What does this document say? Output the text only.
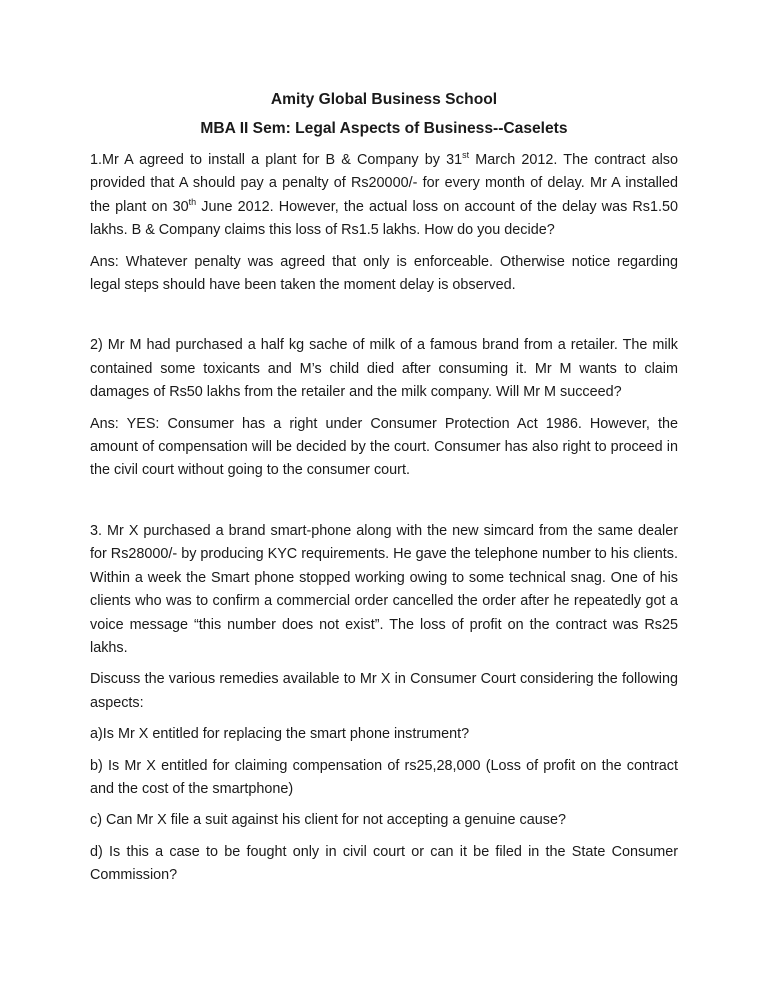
Amity Global Business School
MBA II Sem: Legal Aspects of Business--Caselets

1.Mr A agreed to install a plant for B & Company by 31st March 2012. The contract also provided that A should pay a penalty of Rs20000/- for every month of delay. Mr A installed the plant on 30th June 2012. However, the actual loss on account of the delay was Rs1.50 lakhs. B & Company claims this loss of Rs1.5 lakhs. How do you decide?

Ans: Whatever penalty was agreed that only is enforceable. Otherwise notice regarding legal steps should have been taken the moment delay is observed.

2) Mr M had purchased a half kg sache of milk of a famous brand from a retailer. The milk contained some toxicants and M’s child died after consuming it. Mr M wants to claim damages of Rs50 lakhs from the retailer and the milk company. Will Mr M succeed?

Ans: YES: Consumer has a right under Consumer Protection Act 1986. However, the amount of compensation will be decided by the court. Consumer has also right to proceed in the civil court without going to the consumer court.

3. Mr X purchased a brand smart-phone along with the new simcard from the same dealer for Rs28000/- by producing KYC requirements. He gave the telephone number to his clients. Within a week the Smart phone stopped working owing to some technical snag. One of his clients who was to confirm a commercial order cancelled the order after he repeatedly got a voice message “this number does not exist”. The loss of profit on the contract was Rs25 lakhs.

Discuss the various remedies available to Mr X in Consumer Court considering the following aspects:

a)Is Mr X entitled for replacing the smart phone instrument?

b) Is Mr X entitled for claiming compensation of rs25,28,000 (Loss of profit on the contract and the cost of the smartphone)

c) Can Mr X file a suit against his client for not accepting a genuine cause?

d) Is this a case to be fought only in civil court or can it be filed in the State Consumer Commission?
